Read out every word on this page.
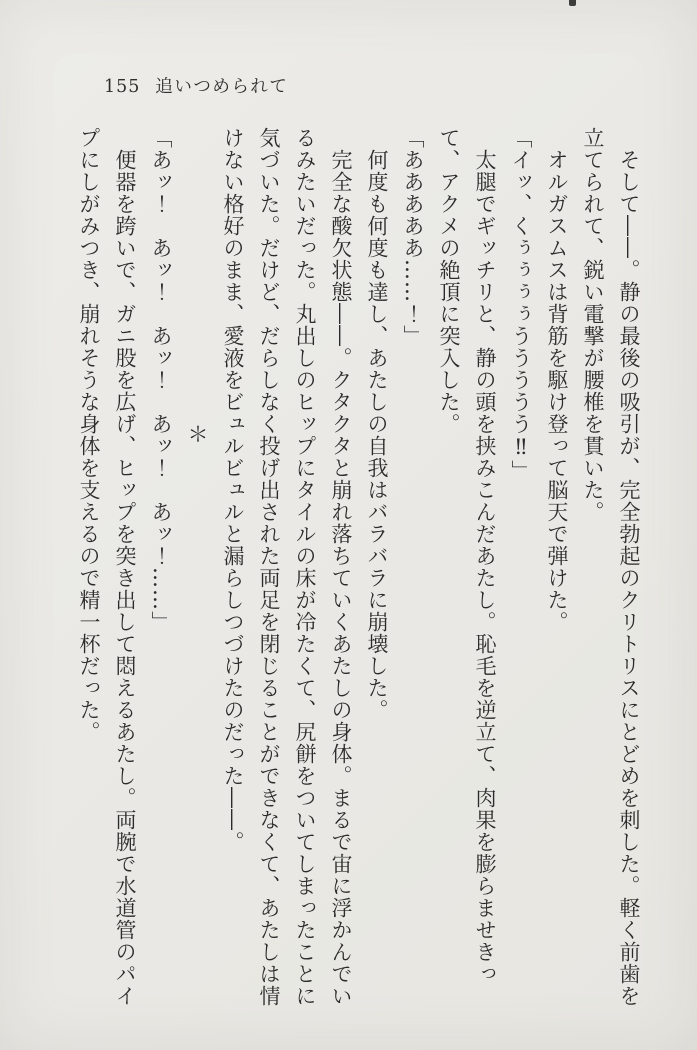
155 追いつめられて

　そして――。静の最後の吸引が、完全勃起のクリトリスにとどめを刺した。軽く前歯を立てられて、鋭い電撃が腰椎を貫いた。

　オルガスムスは背筋を駆け登って脳天で弾けた。

「イッ、くぅぅぅぅううううう‼」

　太腿でギッチリと、静の頭を挟みこんだあたし。恥毛を逆立て、肉果を膨らませきって、アクメの絶頂に突入した。

「あああああ……！」

　何度も何度も達し、あたしの自我はバラバラに崩壊した。

　完全な酸欠状態――。クタクタと崩れ落ちていくあたしの身体。まるで宙に浮かんでいるみたいだった。丸出しのヒップにタイルの床が冷たくて、尻餅をついてしまったことに気づいた。だけど、だらしなく投げ出された両足を閉じることができなくて、あたしは情けない格好のまま、愛液をビュルビュルと漏らしつづけたのだった――。

＊

「あッ！　あッ！　あッ！　あッ！　あッ！……」

　便器を跨いで、ガニ股を広げ、ヒップを突き出して悶えるあたし。両腕で水道管のパイプにしがみつき、崩れそうな身体を支えるので精一杯だった。
